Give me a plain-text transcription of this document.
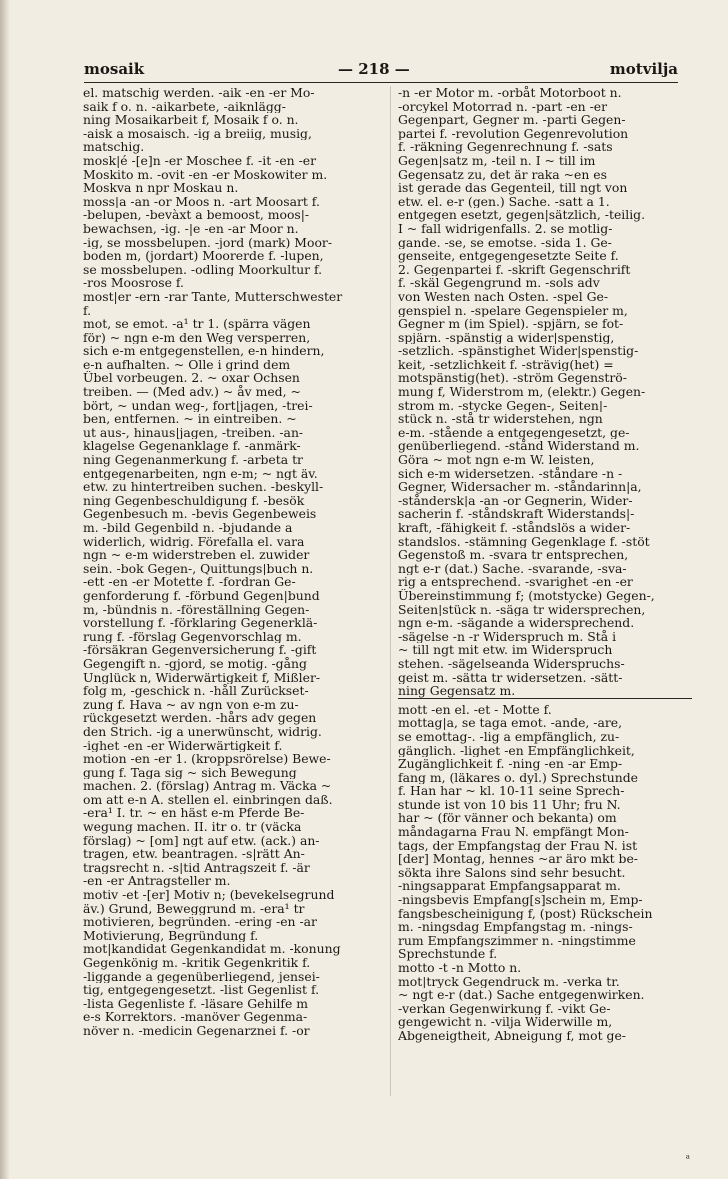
mosaik	— 218 —	motvilja
el. matschig werden. -aik -en -er Mo-
saik f o. n. -aikarbete, -aiknlägg-
ning Mosaikarbeit f, Mosaik f o. n.
-aisk a mosaisch. -ig a breiig, musig,
matschig.
mosk|é -[e]n -er Moschee f. -it -en -er
Moskito m. -ovit -en -er Moskowiter m.
Moskva n npr Moskau n.
moss|a -an -or Moos n. -art Moosart f.
-belupen, -bevàxt a bemoost, moos|-
bewachsen, -ig. -|e -en -ar Moor n.
-ig, se mossbelupen. -jord (mark) Moor-
boden m, (jordart) Moorerde f. -lupen,
se mossbelupen. -odling Moorkultur f.
-ros Moosrose f.
most|er -ern -rar Tante, Mutterschwester
f.
mot, se emot. -a¹ tr 1. (spärra vägen
för) ~ ngn e-m den Weg versperren,
sich e-m entgegenstellen, e-n hindern,
e-n aufhalten. ~ Olle i grind dem
Übel vorbeugen. 2. ~ oxar Ochsen
treiben. — (Med adv.) ~ åv med, ~
bört, ~ undan weg-, fort|jagen, -trei-
ben, entfernen. ~ in eintreiben. ~
ut aus-, hinaus|jagen, -treiben. -an-
klagelse Gegenanklage f. -anmärk-
ning Gegenanmerkung f. -arbeta tr
entgegenarbeiten, ngn e-m; ~ ngt äv.
etw. zu hintertreiben suchen. -beskyll-
ning Gegenbeschuldigung f. -besök
Gegenbesuch m. -bevis Gegenbeweis
m. -bild Gegenbild n. -bjudande a
widerlich, widrig. Förefalla el. vara
ngn ~ e-m widerstreben el. zuwider
sein. -bok Gegen-, Quittungs|buch n.
-ett -en -er Motette f. -fordran Ge-
genforderung f. -förbund Gegen|bund
m, -bündnis n. -föreställning Gegen-
vorstellung f. -förklaring Gegenerklä-
rung f. -förslag Gegenvorschlag m.
-försäkran Gegenversicherung f. -gift
Gegengift n. -gjord, se motig. -gång
Unglück n, Widerwärtigkeit f, Mißler-
folg m, -geschick n. -håll Zurückset-
zung f. Hava ~ av ngn von e-m zu-
rückgesetzt werden. -hårs adv gegen
den Strich. -ig a unerwünscht, widrig.
-ighet -en -er Widerwärtigkeit f.
motion -en -er 1. (kroppsrörelse) Bewe-
gung f. Taga sig ~ sich Bewegung
machen. 2. (förslag) Antrag m. Väcka ~
om att e-n A. stellen el. einbringen daß.
-era¹ I. tr. ~ en häst e-m Pferde Be-
wegung machen. II. itr o. tr (väcka
förslag) ~ [om] ngt auf etw. (ack.) an-
tragen, etw. beantragen. -s|rätt An-
tragsrecht n. -s|tid Antragszeit f. -är
-en -er Antragsteller m.
motiv -et -[er] Motiv n; (bevekelsegrund
äv.) Grund, Beweggrund m. -era¹ tr
motivieren, begründen. -ering -en -ar
Motivierung, Begründung f.
mot|kandidat Gegenkandidat m. -konung
Gegenkönig m. -kritik Gegenkritik f.
-liggande a gegenüberliegend, jensei-
tig, entgegengesetzt. -list Gegenlist f.
-lista Gegenliste f. -läsare Gehilfe m
e-s Korrektors. -manöver Gegenma-
növer n. -medicin Gegenarznei f. -or
-n -er Motor m. -orbåt Motorboot n.
-orcykel Motorrad n. -part -en -er
Gegenpart, Gegner m. -parti Gegen-
partei f. -revolution Gegenrevolution
f. -räkning Gegenrechnung f. -sats
Gegen|satz m, -teil n. I ~ till im
Gegensatz zu, det är raka ~en es
ist gerade das Gegenteil, till ngt von
etw. el. e-r (gen.) Sache. -satt a 1.
entgegen esetzt, gegen|sätzlich, -teilig.
I ~ fall widrigenfalls. 2. se motlig-
gande. -se, se emotse. -sida 1. Ge-
genseite, entgegengesetzte Seite f.
2. Gegenpartei f. -skrift Gegenschrift
f. -skäl Gegengrund m. -sols adv
von Westen nach Osten. -spel Ge-
genspiel n. -spelare Gegenspieler m,
Gegner m (im Spiel). -spjärn, se fot-
spjärn. -spänstig a wider|spenstig,
-setzlich. -spänstighet Wider|spenstig-
keit, -setzlichkeit f. -strävig(het) =
motspänstig(het). -ström Gegenströ-
mung f, Widerstrom m, (elektr.) Gegen-
strom m. -stycke Gegen-, Seiten|-
stück n. -stå tr widerstehen, ngn
e-m. -stående a entgegengesetzt, ge-
genüberliegend. -stånd Widerstand m.
Göra ~ mot ngn e-m W. leisten,
sich e-m widersetzen. -ståndare -n -
Gegner, Widersacher m. -ståndarinn|a,
-ståndersk|a -an -or Gegnerin, Wider-
sacherin f. -ståndskraft Widerstands|-
kraft, -fähigkeit f. -ståndslös a wider-
standslos. -stämning Gegenklage f. -stöt
Gegenstoß m. -svara tr entsprechen,
ngt e-r (dat.) Sache. -svarande, -sva-
rig a entsprechend. -svarighet -en -er
Übereinstimmung f; (motstycke) Gegen-,
Seiten|stück n. -säga tr widersprechen,
ngn e-m. -sägande a widersprechend.
-sägelse -n -r Widerspruch m. Stå i
~ till ngt mit etw. im Widerspruch
stehen. -sägelseanda Widerspruchs-
geist m. -sätta tr widersetzen. -sätt-
ning Gegensatz m.
mott -en el. -et - Motte f.
mottag|a, se taga emot. -ande, -are,
se emottag-. -lig a empfänglich, zu-
gänglich. -lighet -en Empfänglichkeit,
Zugänglichkeit f. -ning -en -ar Emp-
fang m, (läkares o. dyl.) Sprechstunde
f. Han har ~ kl. 10-11 seine Sprech-
stunde ist von 10 bis 11 Uhr; fru N.
har ~ (för vänner och bekanta) om
måndagarna Frau N. empfängt Mon-
tags, der Empfangstag der Frau N. ist
[der] Montag, hennes ~ar äro mkt be-
sökta ihre Salons sind sehr besucht.
-ningsapparat Empfangsapparat m.
-ningsbevis Empfang[s]schein m, Emp-
fangsbescheinigung f, (post) Rückschein
m. -ningsdag Empfangstag m. -nings-
rum Empfangszimmer n. -ningstimme
Sprechstunde f.
motto -t -n Motto n.
mot|tryck Gegendruck m. -verka tr.
~ ngt e-r (dat.) Sache entgegenwirken.
-verkan Gegenwirkung f. -vikt Ge-
gengewicht n. -vilja Widerwille m,
Abgeneigtheit, Abneigung f, mot ge-
ᵃ
